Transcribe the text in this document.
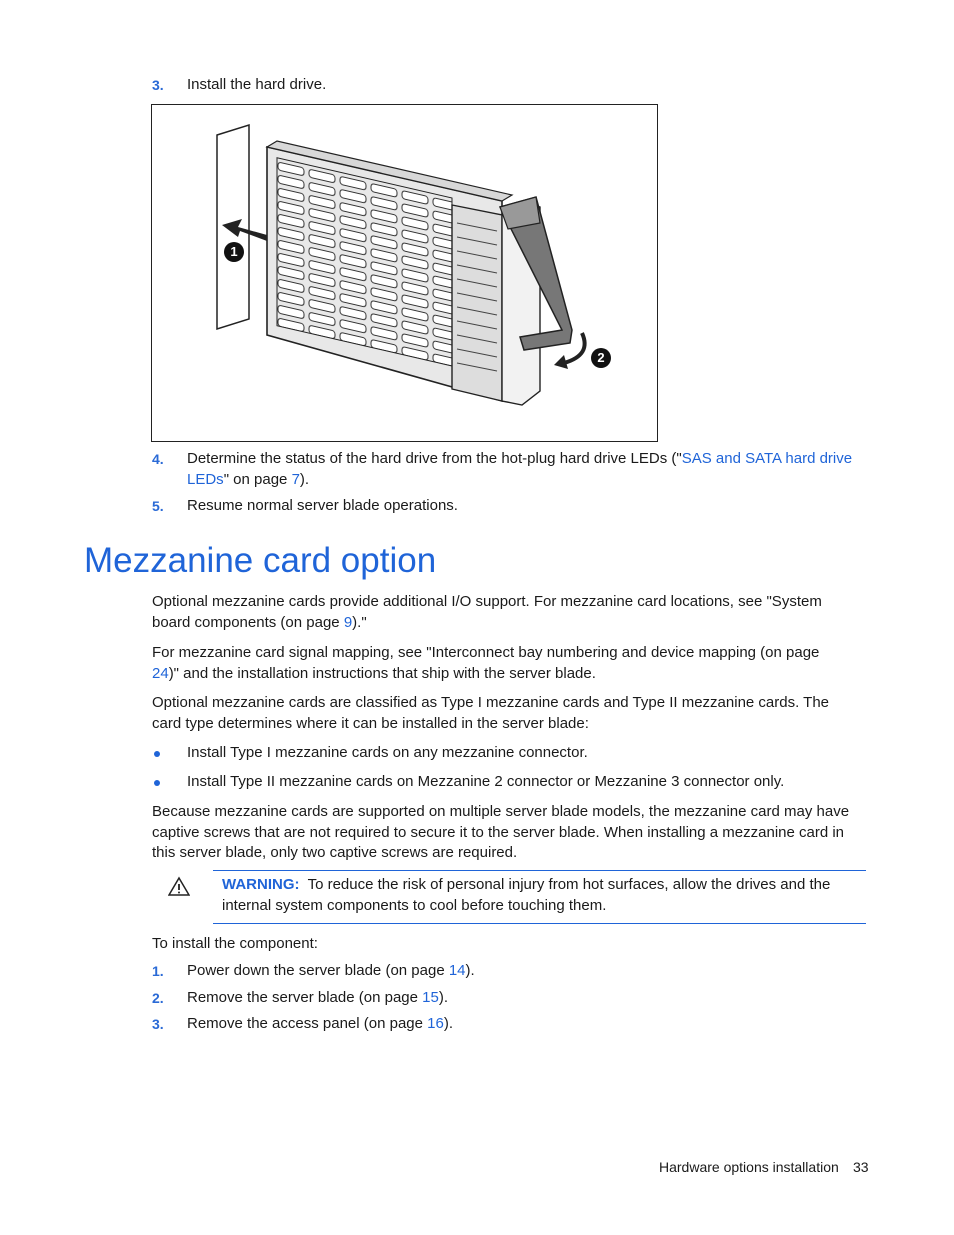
3. Install the hard drive.
1
2
4. Determine the status of the hard drive from the hot-plug hard drive LEDs ("SAS and SATA hard drive
LEDs" on page 7).
5. Resume normal server blade operations.
Mezzanine card option
Optional mezzanine cards provide additional I/O support. For mezzanine card locations, see "System
board components (on page 9)."
For mezzanine card signal mapping, see "Interconnect bay numbering and device mapping (on page
24)" and the installation instructions that ship with the server blade.
Optional mezzanine cards are classified as Type I mezzanine cards and Type II mezzanine cards. The
card type determines where it can be installed in the server blade:
Install Type I mezzanine cards on any mezzanine connector.
Install Type II mezzanine cards on Mezzanine 2 connector or Mezzanine 3 connector only.
Because mezzanine cards are supported on multiple server blade models, the mezzanine card may have
captive screws that are not required to secure it to the server blade. When installing a mezzanine card in
this server blade, only two captive screws are required.
WARNING: To reduce the risk of personal injury from hot surfaces, allow the drives and the
internal system components to cool before touching them.
To install the component:
1. Power down the server blade (on page 14).
2. Remove the server blade (on page 15).
3. Remove the access panel (on page 16).
Hardware options installation 33
